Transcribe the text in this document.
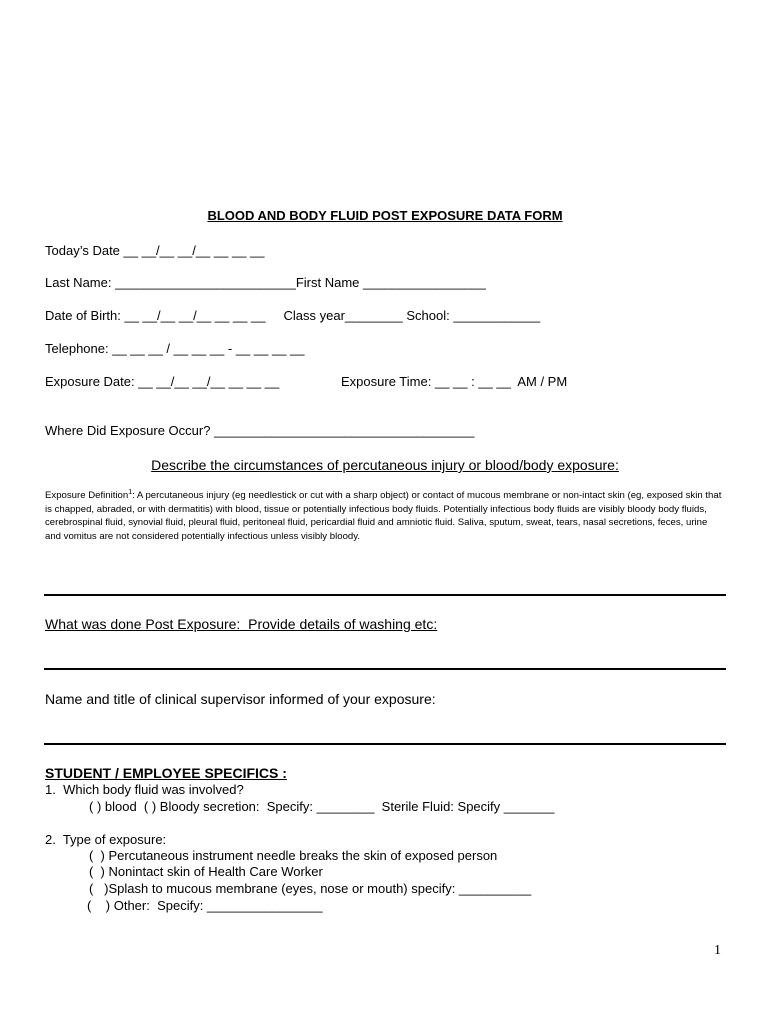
BLOOD AND BODY FLUID POST EXPOSURE DATA FORM
Today’s Date __ __/__ __/__ __ __ __
Last Name: _________________________First Name _________________
Date of Birth: __ __/__ __/__ __ __ __     Class year________ School: ____________
Telephone: __ __ __ / __ __ __ - __ __ __ __
Exposure Date: __ __/__ __/__ __ __ __	Exposure Time: __ __ : __ __  AM / PM
Where Did Exposure Occur? ____________________________________
Describe the circumstances of percutaneous injury or blood/body exposure:
Exposure Definition$^1$: A percutaneous injury (eg needlestick or cut with a sharp object) or contact of mucous membrane or non-intact skin (eg, exposed skin that is chapped, abraded, or with dermatitis) with blood, tissue or potentially infectious body fluids. Potentially infectious body fluids are visibly bloody body fluids, cerebrospinal fluid, synovial fluid, pleural fluid, peritoneal fluid, pericardial fluid and amniotic fluid. Saliva, sputum, sweat, tears, nasal secretions, feces, urine and vomitus are not considered potentially infectious unless visibly bloody.
What was done Post Exposure:  Provide details of washing etc:
Name and title of clinical supervisor informed of your exposure:
STUDENT / EMPLOYEE SPECIFICS :
1.  Which body fluid was involved?
( ) blood  ( ) Bloody secretion:  Specify: ________  Sterile Fluid: Specify _______
2.  Type of exposure:
(  ) Percutaneous instrument needle breaks the skin of exposed person
(  ) Nonintact skin of Health Care Worker
(   )Splash to mucous membrane (eyes, nose or mouth) specify: __________
(    ) Other:  Specify: ________________
1
